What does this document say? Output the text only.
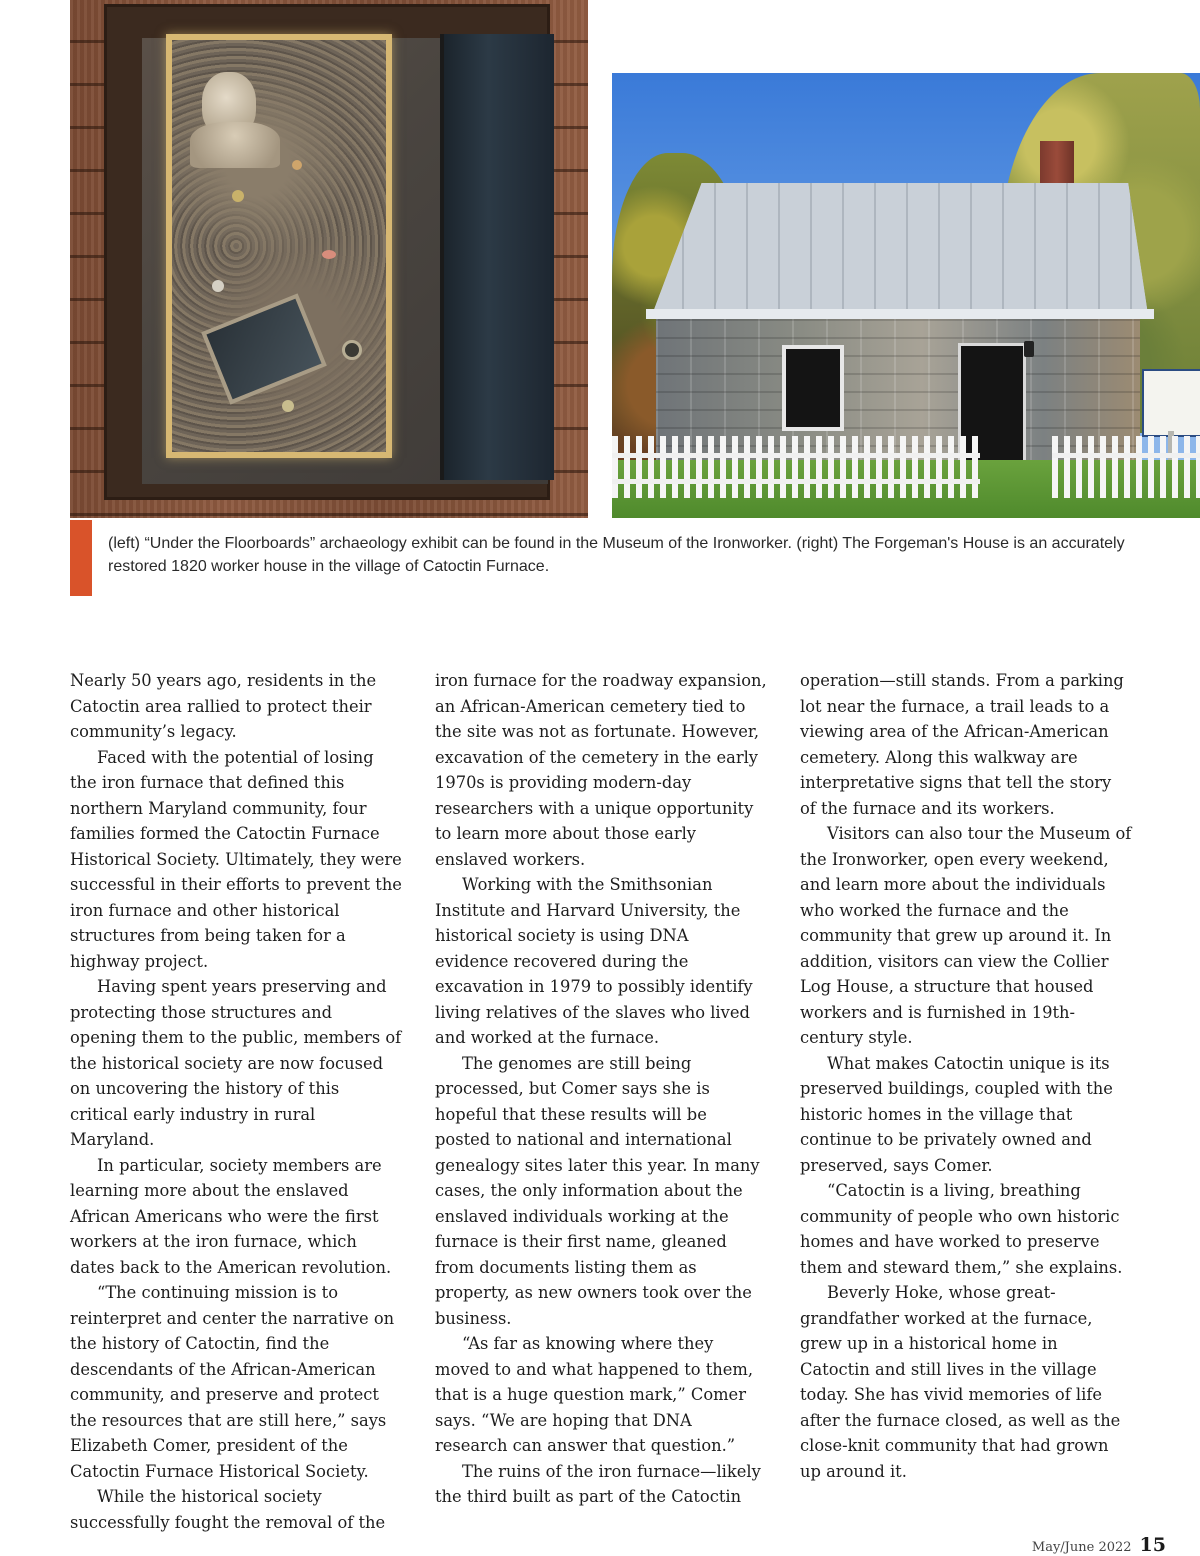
(left) “Under the Floorboards” archaeology exhibit can be found in the Museum of the Ironworker. (right) The Forgeman's House is an accurately restored 1820 worker house in the village of Catoctin Furnace.

Nearly 50 years ago, residents in the Catoctin area rallied to protect their community’s legacy.

Faced with the potential of losing the iron furnace that defined this northern Maryland community, four families formed the Catoctin Furnace Historical Society. Ultimately, they were successful in their efforts to prevent the iron furnace and other historical structures from being taken for a highway project.

Having spent years preserving and protecting those structures and opening them to the public, members of the historical society are now focused on uncovering the history of this critical early industry in rural Maryland.

In particular, society members are learning more about the enslaved African Americans who were the first workers at the iron furnace, which dates back to the American revolution.

“The continuing mission is to reinterpret and center the narrative on the history of Catoctin, find the descendants of the African-American community, and preserve and protect the resources that are still here,” says Elizabeth Comer, president of the Catoctin Furnace Historical Society.

While the historical society successfully fought the removal of the

iron furnace for the roadway expansion, an African-American cemetery tied to the site was not as fortunate. However, excavation of the cemetery in the early 1970s is providing modern-day researchers with a unique opportunity to learn more about those early enslaved workers.

Working with the Smithsonian Institute and Harvard University, the historical society is using DNA evidence recovered during the excavation in 1979 to possibly identify living relatives of the slaves who lived and worked at the furnace.

The genomes are still being processed, but Comer says she is hopeful that these results will be posted to national and international genealogy sites later this year. In many cases, the only information about the enslaved individuals working at the furnace is their first name, gleaned from documents listing them as property, as new owners took over the business.

“As far as knowing where they moved to and what happened to them, that is a huge question mark,” Comer says. “We are hoping that DNA research can answer that question.”

The ruins of the iron furnace—likely the third built as part of the Catoctin

operation—still stands. From a parking lot near the furnace, a trail leads to a viewing area of the African-American cemetery. Along this walkway are interpretative signs that tell the story of the furnace and its workers.

Visitors can also tour the Museum of the Ironworker, open every weekend, and learn more about the individuals who worked the furnace and the community that grew up around it. In addition, visitors can view the Collier Log House, a structure that housed workers and is furnished in 19th-century style.

What makes Catoctin unique is its preserved buildings, coupled with the historic homes in the village that continue to be privately owned and preserved, says Comer.

“Catoctin is a living, breathing community of people who own historic homes and have worked to preserve them and steward them,” she explains.

Beverly Hoke, whose great-grandfather worked at the furnace, grew up in a historical home in Catoctin and still lives in the village today. She has vivid memories of life after the furnace closed, as well as the close-knit community that had grown up around it.

May/June 2022 15
